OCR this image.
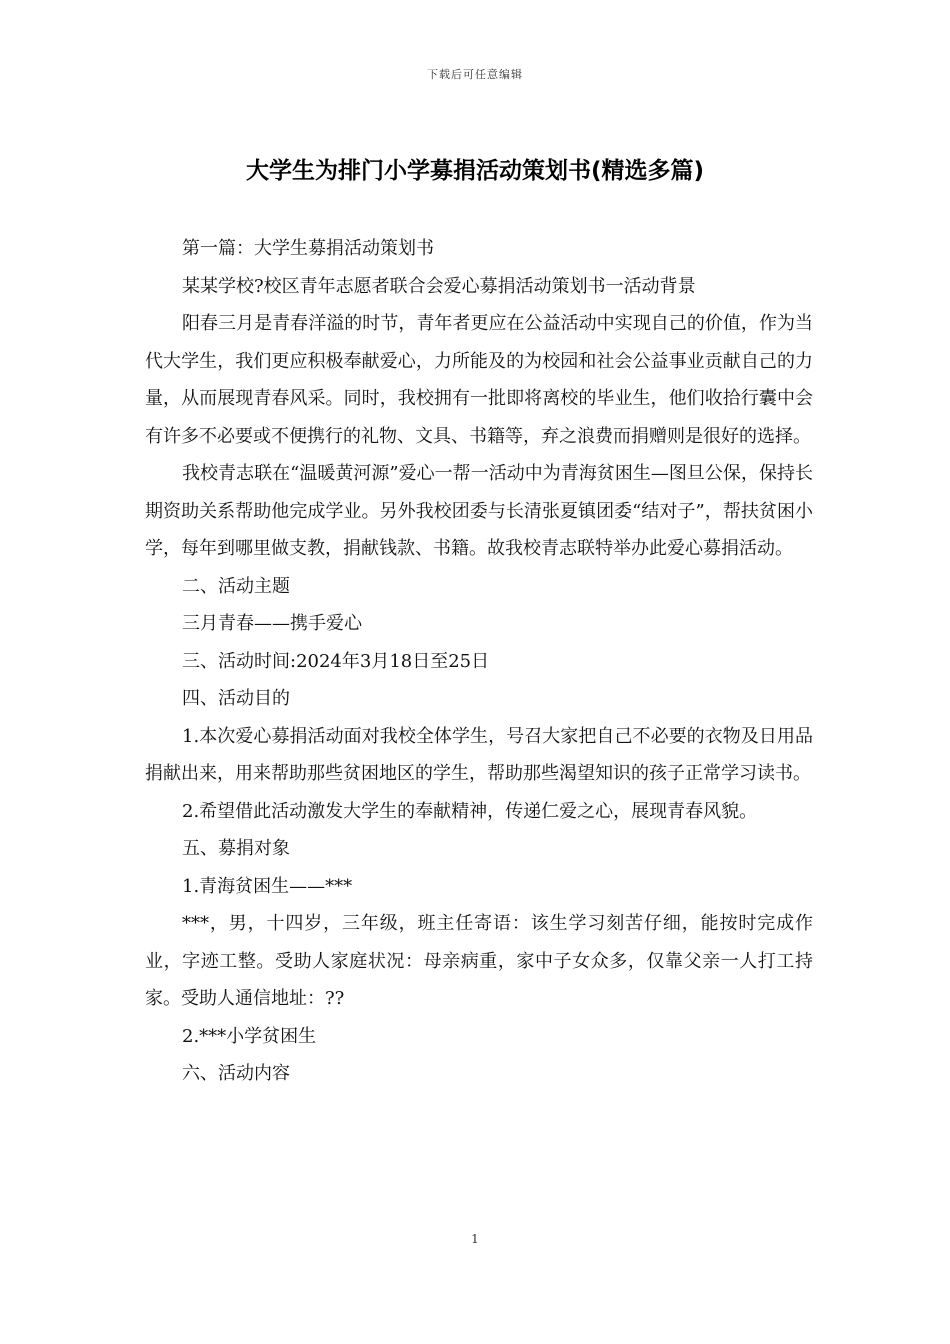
下载后可任意编辑
大学生为排门小学募捐活动策划书(精选多篇)

第一篇：大学生募捐活动策划书

某某学校?校区青年志愿者联合会爱心募捐活动策划书一活动背景

阳春三月是青春洋溢的时节，青年者更应在公益活动中实现自己的价值，作为当代大学生，我们更应积极奉献爱心，力所能及的为校园和社会公益事业贡献自己的力量，从而展现青春风采。同时，我校拥有一批即将离校的毕业生，他们收拾行囊中会有许多不必要或不便携行的礼物、文具、书籍等，弃之浪费而捐赠则是很好的选择。

我校青志联在“温暖黄河源”爱心一帮一活动中为青海贫困生—图旦公保，保持长期资助关系帮助他完成学业。另外我校团委与长清张夏镇团委“结对子”，帮扶贫困小学，每年到哪里做支教，捐献钱款、书籍。故我校青志联特举办此爱心募捐活动。

二、活动主题

三月青春——携手爱心

三、活动时间:2024年3月18日至25日

四、活动目的

1.本次爱心募捐活动面对我校全体学生，号召大家把自己不必要的衣物及日用品捐献出来，用来帮助那些贫困地区的学生，帮助那些渴望知识的孩子正常学习读书。

2.希望借此活动激发大学生的奉献精神，传递仁爱之心，展现青春风貌。

五、募捐对象

1.青海贫困生——***

***，男，十四岁，三年级，班主任寄语：该生学习刻苦仔细，能按时完成作业，字迹工整。受助人家庭状况：母亲病重，家中子女众多，仅靠父亲一人打工持家。受助人通信地址：??

2.***小学贫困生

六、活动内容

1
